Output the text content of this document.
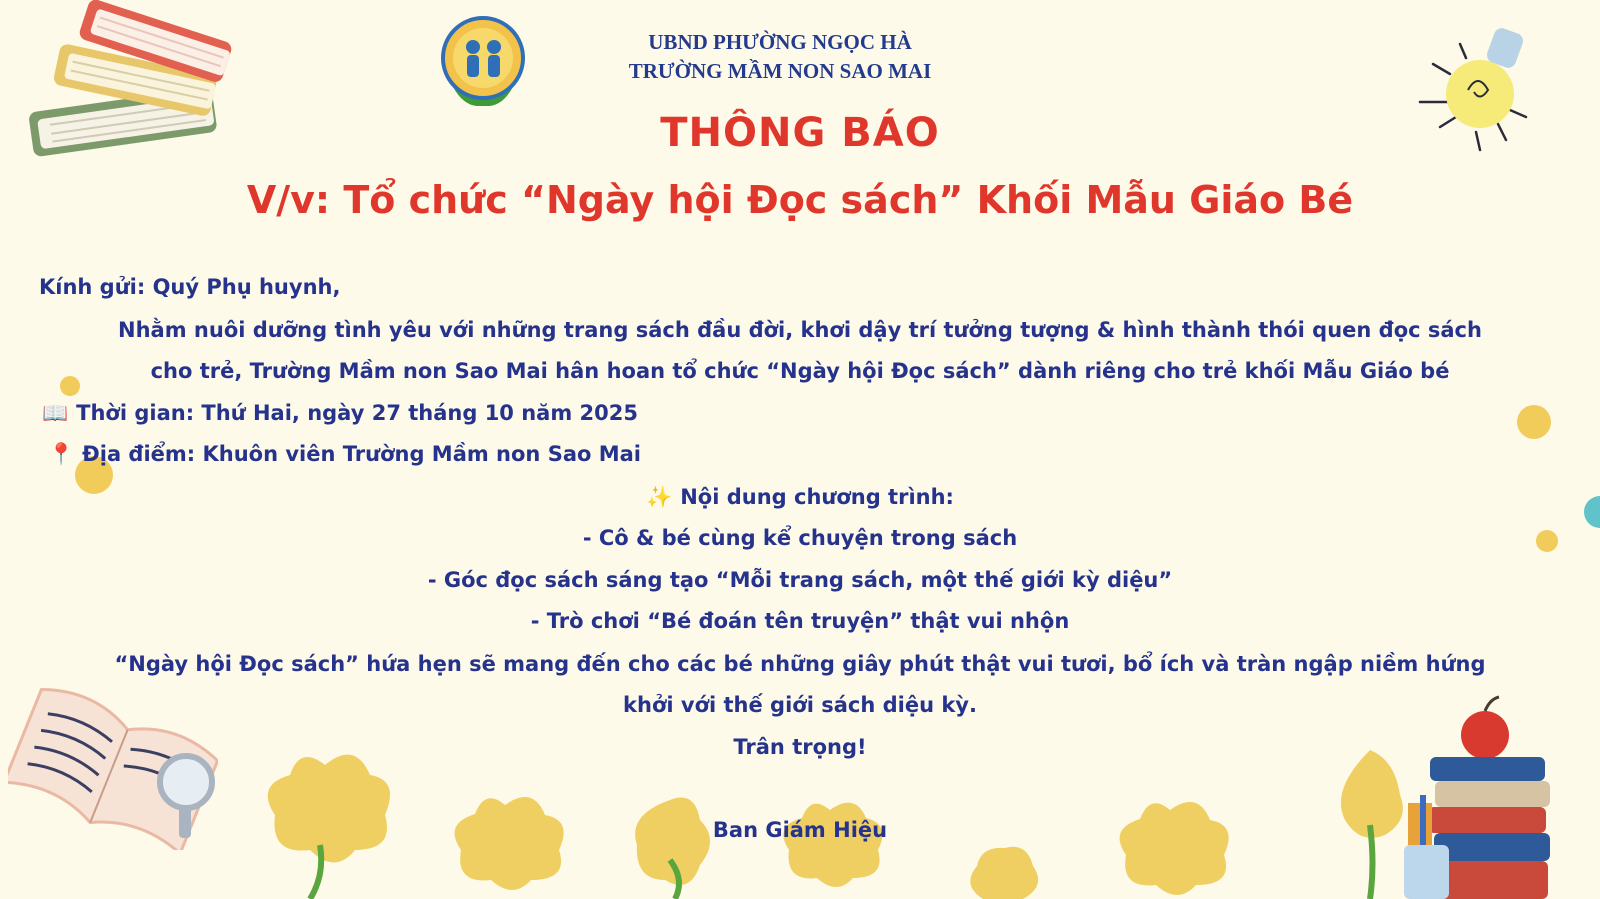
UBND PHƯỜNG NGỌC HÀ
TRƯỜNG MẦM NON SAO MAI
THÔNG BÁO
V/v: Tổ chức “Ngày hội Đọc sách” Khối Mẫu Giáo Bé
Kính gửi: Quý Phụ huynh,
Nhằm nuôi dưỡng tình yêu với những trang sách đầu đời, khơi dậy trí tưởng tượng & hình thành thói quen đọc sách
cho trẻ, Trường Mầm non Sao Mai hân hoan tổ chức “Ngày hội Đọc sách” dành riêng cho trẻ khối Mẫu Giáo bé
📖 Thời gian: Thứ Hai, ngày 27 tháng 10 năm 2025
📍 Địa điểm: Khuôn viên Trường Mầm non Sao Mai
✨ Nội dung chương trình:
- Cô & bé cùng kể chuyện trong sách
- Góc đọc sách sáng tạo “Mỗi trang sách, một thế giới kỳ diệu”
- Trò chơi “Bé đoán tên truyện” thật vui nhộn
“Ngày hội Đọc sách” hứa hẹn sẽ mang đến cho các bé những giây phút thật vui tươi, bổ ích và tràn ngập niềm hứng
khởi với thế giới sách diệu kỳ.
Trân trọng!
Ban Giám Hiệu
